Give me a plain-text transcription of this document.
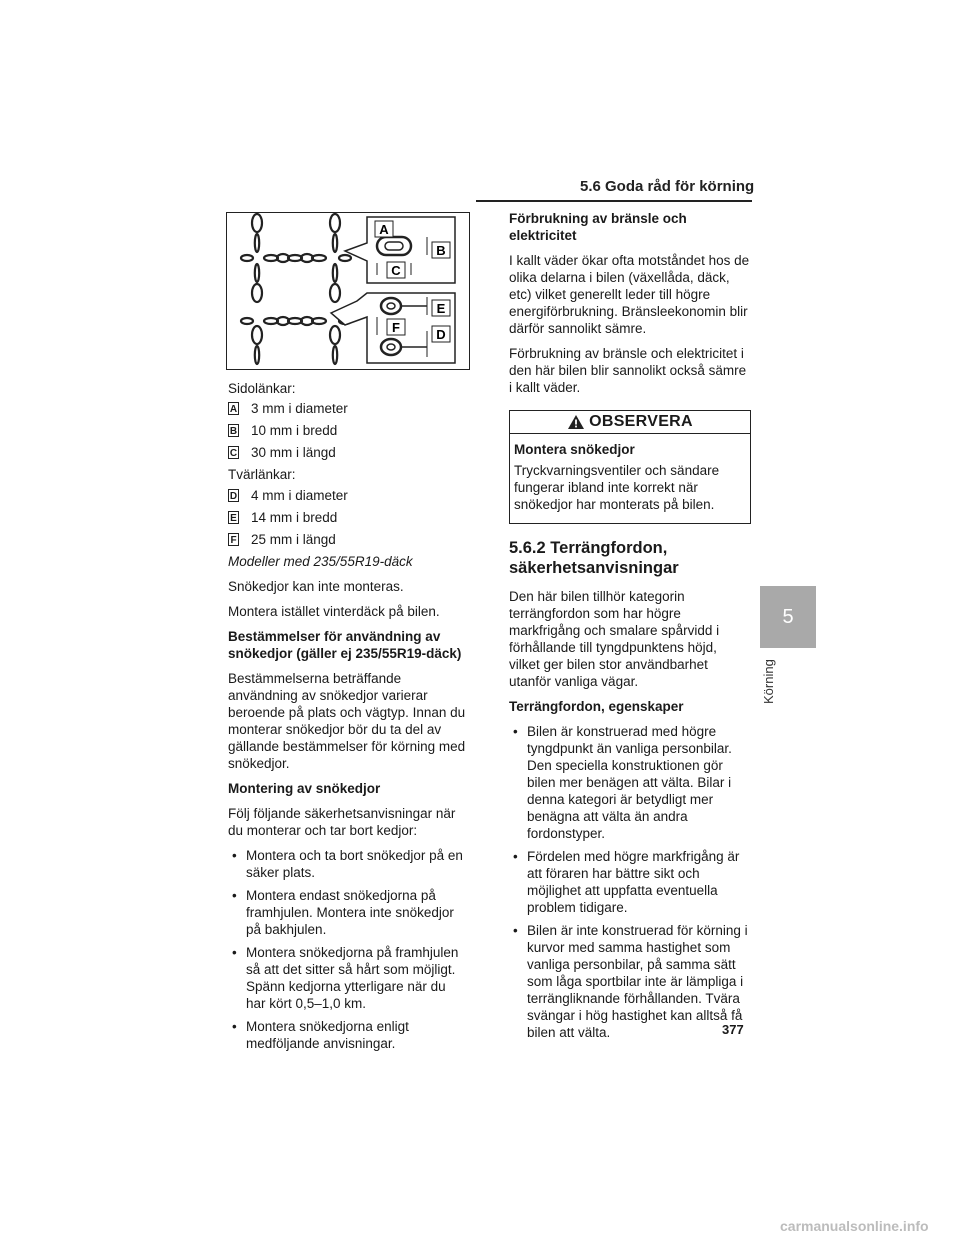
5.6 Goda råd för körning
A
B
C
E
F	D

Sidolänkar:

A 3 mm i diameter
B 10 mm i bredd
C 30 mm i längd

Tvärlänkar:

D 4 mm i diameter
E 14 mm i bredd
F 25 mm i längd

Modeller med 235/55R19-däck

Snökedjor kan inte monteras.

Montera istället vinterdäck på bilen.

Bestämmelser för användning av snökedjor (gäller ej 235/55R19-däck)

Bestämmelserna beträffande användning av snökedjor varierar beroende på plats och vägtyp. Innan du monterar snökedjor bör du ta del av gällande bestämmelser för körning med snökedjor.

Montering av snökedjor

Följ följande säkerhetsanvisningar när du monterar och tar bort kedjor:

• Montera och ta bort snökedjor på en säker plats.
• Montera endast snökedjorna på framhjulen. Montera inte snökedjor på bakhjulen.
• Montera snökedjorna på framhjulen så att det sitter så hårt som möjligt. Spänn kedjorna ytterligare när du har kört 0,5–1,0 km.
• Montera snökedjorna enligt medföljande anvisningar.

Förbrukning av bränsle och elektricitet

I kallt väder ökar ofta motståndet hos de olika delarna i bilen (växellåda, däck, etc) vilket generellt leder till högre energiförbrukning. Bränsleekonomin blir därför sannolikt sämre.

Förbrukning av bränsle och elektricitet i den här bilen blir sannolikt också sämre i kallt väder.

OBSERVERA

Montera snökedjor

Tryckvarningsventiler och sändare fungerar ibland inte korrekt när snökedjor har monterats på bilen.

5.6.2 Terrängfordon, säkerhetsanvisningar

Den här bilen tillhör kategorin terrängfordon som har högre markfrigång och smalare spårvidd i förhållande till tyngdpunktens höjd, vilket ger bilen stor användbarhet utanför vanliga vägar.

Terrängfordon, egenskaper

• Bilen är konstruerad med högre tyngdpunkt än vanliga personbilar. Den speciella konstruktionen gör bilen mer benägen att välta. Bilar i denna kategori är betydligt mer benägna att välta än andra fordonstyper.
• Fördelen med högre markfrigång är att föraren har bättre sikt och möjlighet att uppfatta eventuella problem tidigare.
• Bilen är inte konstruerad för körning i kurvor med samma hastighet som vanliga personbilar, på samma sätt som låga sportbilar inte är lämpliga i terrängliknande förhållanden. Tvära svängar i hög hastighet kan alltså få bilen att välta.
5
Körning
377
carmanualsonline.info
